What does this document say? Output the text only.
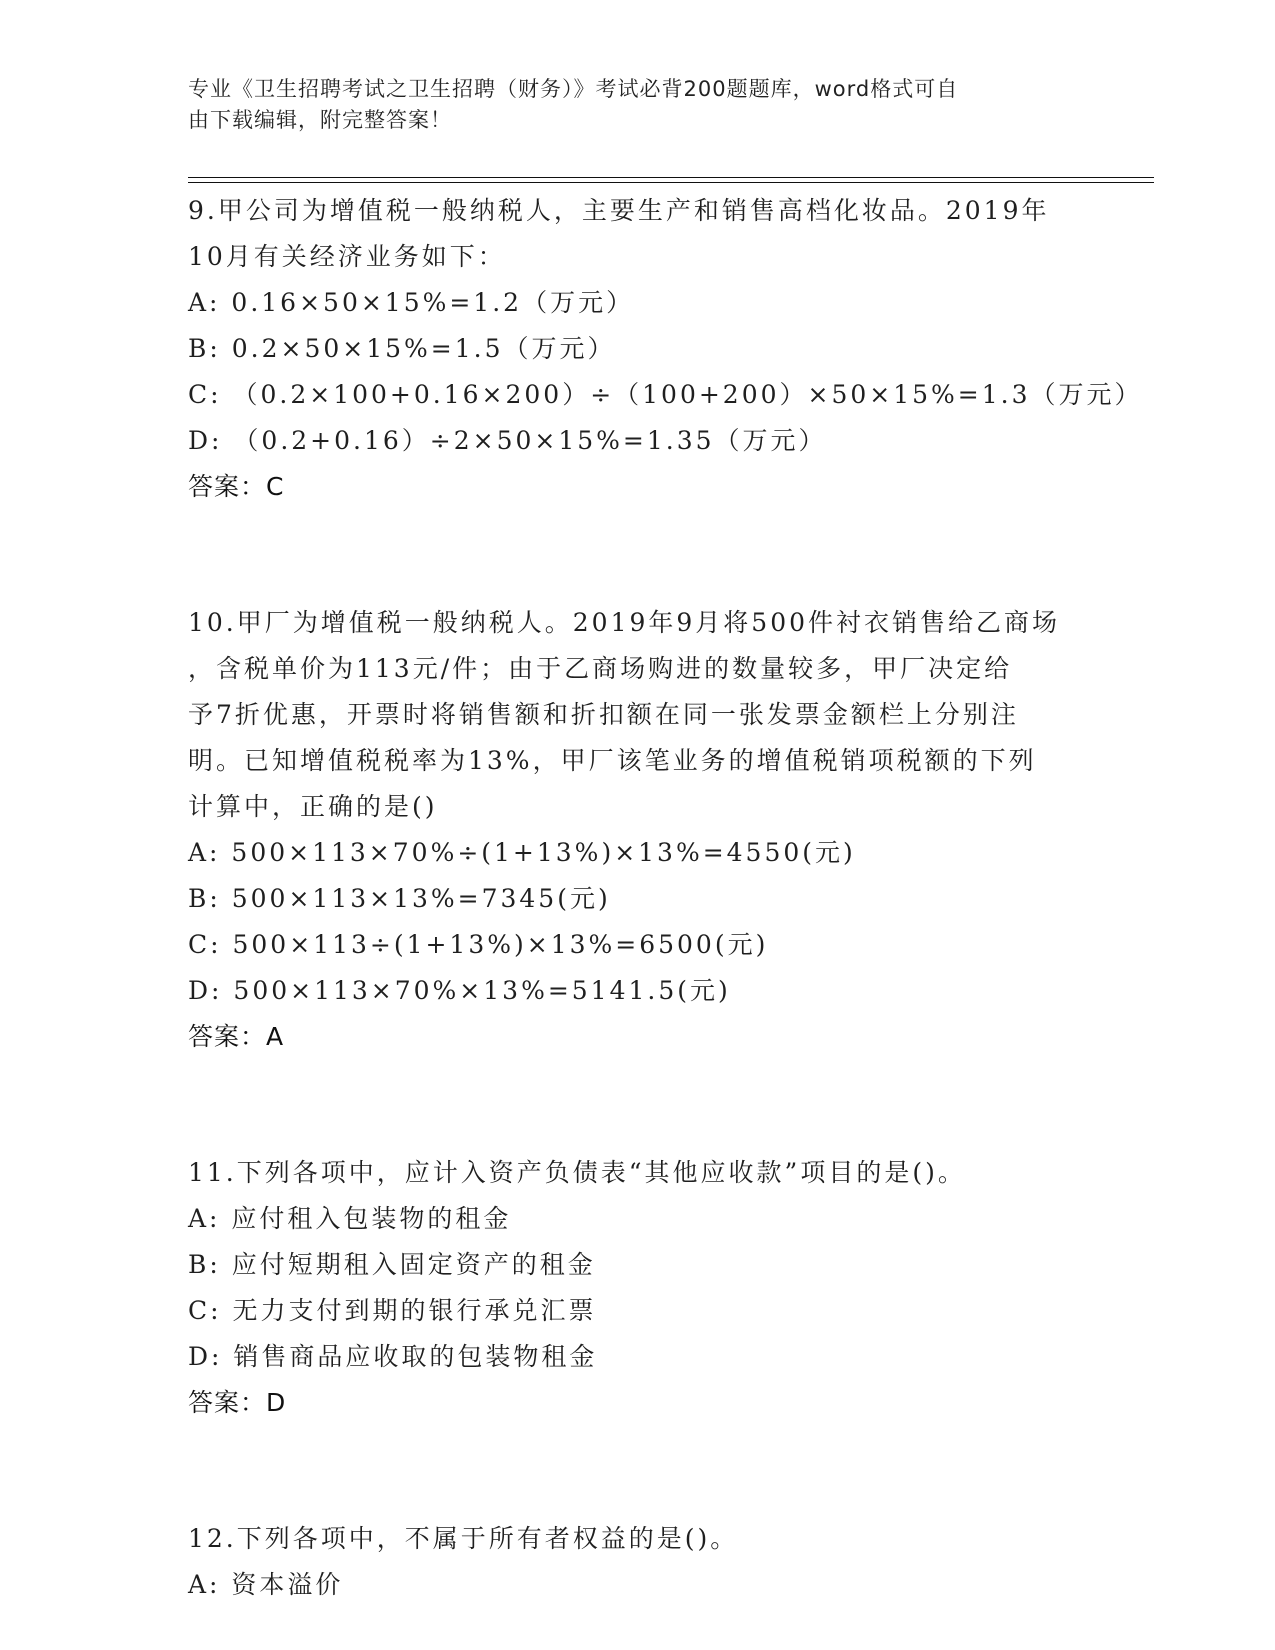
专业《卫生招聘考试之卫生招聘（财务）》考试必背200题题库，word格式可自
由下载编辑，附完整答案！
9.甲公司为增值税一般纳税人，主要生产和销售高档化妆品。2019年
10月有关经济业务如下：
A: 0.16×50×15%=1.2（万元）
B: 0.2×50×15%=1.5（万元）
C: （0.2×100+0.16×200）÷（100+200）×50×15%=1.3（万元）
D: （0.2+0.16）÷2×50×15%=1.35（万元）
答案：C
10.甲厂为增值税一般纳税人。2019年9月将500件衬衣销售给乙商场
，含税单价为113元/件；由于乙商场购进的数量较多，甲厂决定给
予7折优惠，开票时将销售额和折扣额在同一张发票金额栏上分别注
明。已知增值税税率为13%，甲厂该笔业务的增值税销项税额的下列
计算中，正确的是()
A: 500×113×70%÷(1+13%)×13%=4550(元)
B: 500×113×13%=7345(元)
C: 500×113÷(1+13%)×13%=6500(元)
D: 500×113×70%×13%=5141.5(元)
答案：A
11.下列各项中，应计入资产负债表“其他应收款”项目的是()。
A: 应付租入包装物的租金
B: 应付短期租入固定资产的租金
C: 无力支付到期的银行承兑汇票
D: 销售商品应收取的包装物租金
答案：D
12.下列各项中，不属于所有者权益的是()。
A: 资本溢价
